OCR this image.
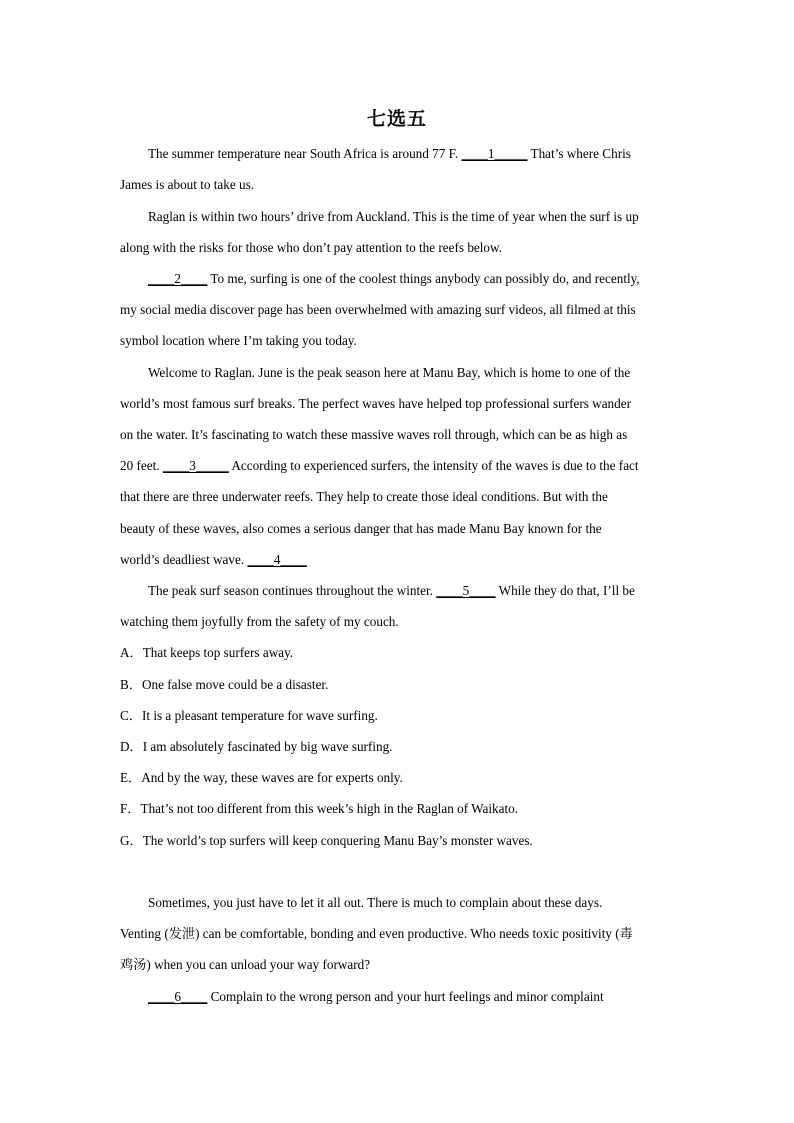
七选五
The summer temperature near South Africa is around 77 F. ____1_____ That’s where Chris
James is about to take us.
Raglan is within two hours’ drive from Auckland. This is the time of year when the surf is up
along with the risks for those who don’t pay attention to the reefs below.
____2____ To me, surfing is one of the coolest things anybody can possibly do, and recently,
my social media discover page has been overwhelmed with amazing surf videos, all filmed at this
symbol location where I’m taking you today.
Welcome to Raglan. June is the peak season here at Manu Bay, which is home to one of the
world’s most famous surf breaks. The perfect waves have helped top professional surfers wander
on the water. It’s fascinating to watch these massive waves roll through, which can be as high as
20 feet. ____3_____ According to experienced surfers, the intensity of the waves is due to the fact
that there are three underwater reefs. They help to create those ideal conditions. But with the
beauty of these waves, also comes a serious danger that has made Manu Bay known for the
world’s deadliest wave. ____4____
The peak surf season continues throughout the winter. ____5____ While they do that, I’ll be
watching them joyfully from the safety of my couch.
A．That keeps top surfers away.
B．One false move could be a disaster.
C．It is a pleasant temperature for wave surfing.
D．I am absolutely fascinated by big wave surfing.
E．And by the way, these waves are for experts only.
F．That’s not too different from this week’s high in the Raglan of Waikato.
G．The world’s top surfers will keep conquering Manu Bay’s monster waves.
Sometimes, you just have to let it all out. There is much to complain about these days.
Venting (发泄) can be comfortable, bonding and even productive. Who needs toxic positivity (毒
鸡汤) when you can unload your way forward?
____6____ Complain to the wrong person and your hurt feelings and minor complaint
